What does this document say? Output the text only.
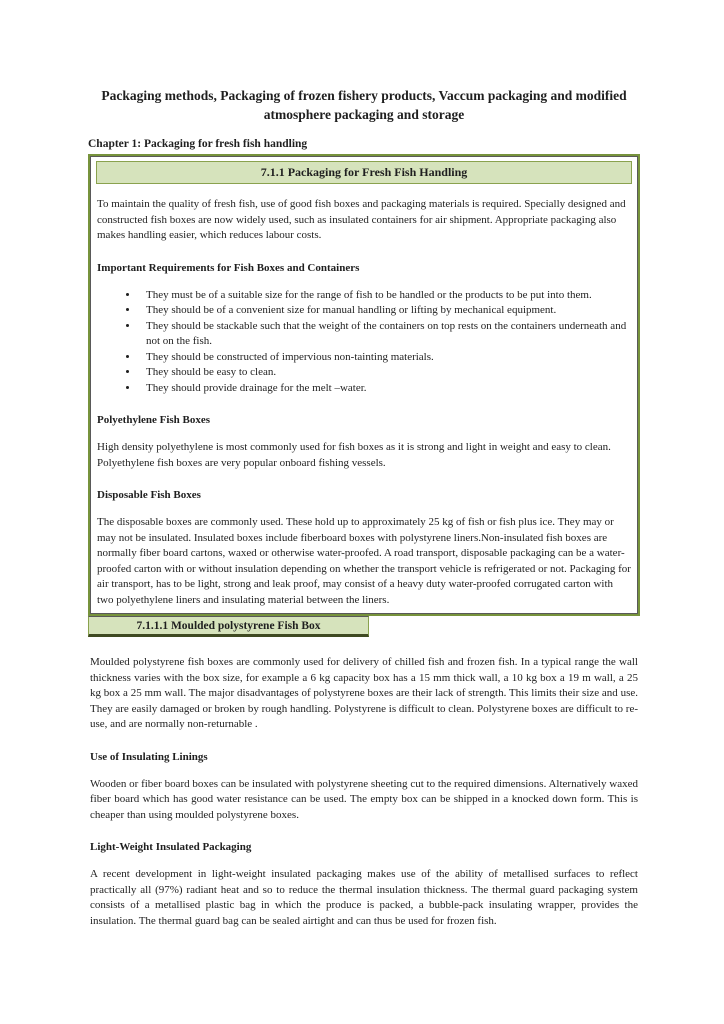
Packaging methods, Packaging of frozen fishery products, Vaccum packaging and modified atmosphere packaging and storage
Chapter 1: Packaging for fresh fish handling
7.1.1 Packaging for Fresh Fish Handling
To maintain the quality of fresh fish, use of good fish boxes and packaging materials is required. Specially designed and constructed fish boxes are now widely used, such as insulated containers for air shipment. Appropriate packaging also makes handling easier, which reduces labour costs.
Important Requirements for Fish Boxes and Containers
• They must be of a suitable size for the range of fish to be handled or the products to be put into them.
• They should be of a convenient size for manual handling or lifting by mechanical equipment.
• They should be stackable such that the weight of the containers on top rests on the containers underneath and not on the fish.
• They should be constructed of impervious non-tainting materials.
• They should be easy to clean.
• They should provide drainage for the melt –water.
Polyethylene Fish Boxes
High density polyethylene is most commonly used for fish boxes as it is strong and light in weight and easy to clean. Polyethylene fish boxes are very popular onboard fishing vessels.
Disposable Fish Boxes
The disposable boxes are commonly used. These hold up to approximately 25 kg of fish or fish plus ice. They may or may not be insulated. Insulated boxes include fiberboard boxes with polystyrene liners.Non-insulated fish boxes are normally fiber board cartons, waxed or otherwise water-proofed. A road transport, disposable packaging can be a water-proofed carton with or without insulation depending on whether the transport vehicle is refrigerated or not. Packaging for air transport, has to be light, strong and leak proof, may consist of a heavy duty water-proofed corrugated carton with two polyethylene liners and insulating material between the liners.
7.1.1.1 Moulded polystyrene Fish Box
Moulded polystyrene fish boxes are commonly used for delivery of chilled fish and frozen fish. In a typical range the wall thickness varies with the box size, for example a 6 kg capacity box has a 15 mm thick wall, a 10 kg box a 19 m wall, a 25 kg box a 25 mm wall. The major disadvantages of polystyrene boxes are their lack of strength. This limits their size and use. They are easily damaged or broken by rough handling. Polystyrene is difficult to clean. Polystyrene boxes are difficult to re-use, and are normally non-returnable .
Use of Insulating Linings
Wooden or fiber board boxes can be insulated with polystyrene sheeting cut to the required dimensions. Alternatively waxed fiber board which has good water resistance can be used. The empty box can be shipped in a knocked down form. This is cheaper than using moulded polystyrene boxes.
Light-Weight Insulated Packaging
A recent development in light-weight insulated packaging makes use of the ability of metallised surfaces to reflect practically all (97%) radiant heat and so to reduce the thermal insulation thickness. The thermal guard packaging system consists of a metallised plastic bag in which the produce is packed, a bubble-pack insulating wrapper, provides the insulation. The thermal guard bag can be sealed airtight and can thus be used for frozen fish.
